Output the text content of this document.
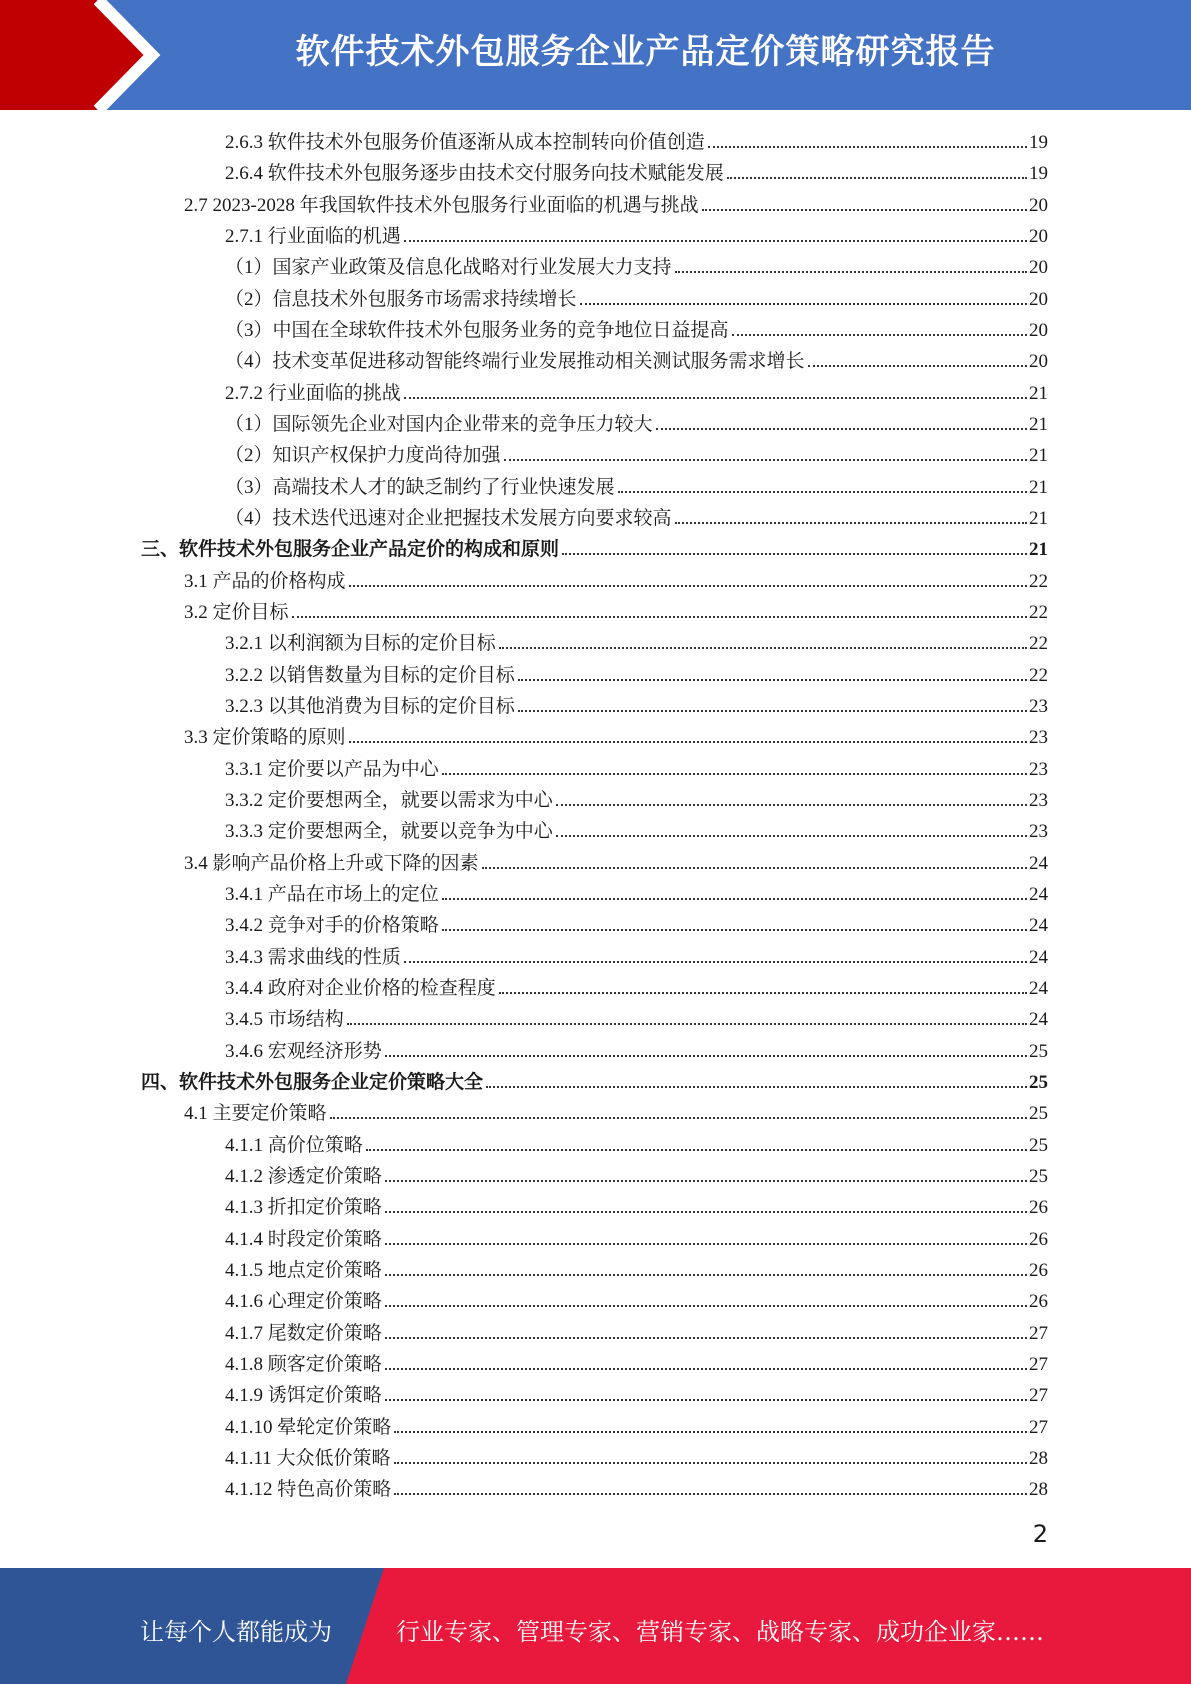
软件技术外包服务企业产品定价策略研究报告
2.6.3 软件技术外包服务价值逐渐从成本控制转向价值创造	19
2.6.4 软件技术外包服务逐步由技术交付服务向技术赋能发展	19
2.7 2023-2028 年我国软件技术外包服务行业面临的机遇与挑战	20
2.7.1 行业面临的机遇	20
（1）国家产业政策及信息化战略对行业发展大力支持	20
（2）信息技术外包服务市场需求持续增长	20
（3）中国在全球软件技术外包服务业务的竞争地位日益提高	20
（4）技术变革促进移动智能终端行业发展推动相关测试服务需求增长	20
2.7.2 行业面临的挑战	21
（1）国际领先企业对国内企业带来的竞争压力较大	21
（2）知识产权保护力度尚待加强	21
（3）高端技术人才的缺乏制约了行业快速发展	21
（4）技术迭代迅速对企业把握技术发展方向要求较高	21
三、软件技术外包服务企业产品定价的构成和原则	21
3.1 产品的价格构成	22
3.2 定价目标	22
3.2.1 以利润额为目标的定价目标	22
3.2.2 以销售数量为目标的定价目标	22
3.2.3 以其他消费为目标的定价目标	23
3.3 定价策略的原则	23
3.3.1 定价要以产品为中心	23
3.3.2 定价要想两全，就要以需求为中心	23
3.3.3 定价要想两全，就要以竞争为中心	23
3.4 影响产品价格上升或下降的因素	24
3.4.1 产品在市场上的定位	24
3.4.2 竞争对手的价格策略	24
3.4.3 需求曲线的性质	24
3.4.4 政府对企业价格的检查程度	24
3.4.5 市场结构	24
3.4.6 宏观经济形势	25
四、软件技术外包服务企业定价策略大全	25
4.1 主要定价策略	25
4.1.1 高价位策略	25
4.1.2 渗透定价策略	25
4.1.3 折扣定价策略	26
4.1.4 时段定价策略	26
4.1.5 地点定价策略	26
4.1.6 心理定价策略	26
4.1.7 尾数定价策略	27
4.1.8 顾客定价策略	27
4.1.9 诱饵定价策略	27
4.1.10 晕轮定价策略	27
4.1.11 大众低价策略	28
4.1.12 特色高价策略	28
2
让每个人都能成为	行业专家、管理专家、营销专家、战略专家、成功企业家……
